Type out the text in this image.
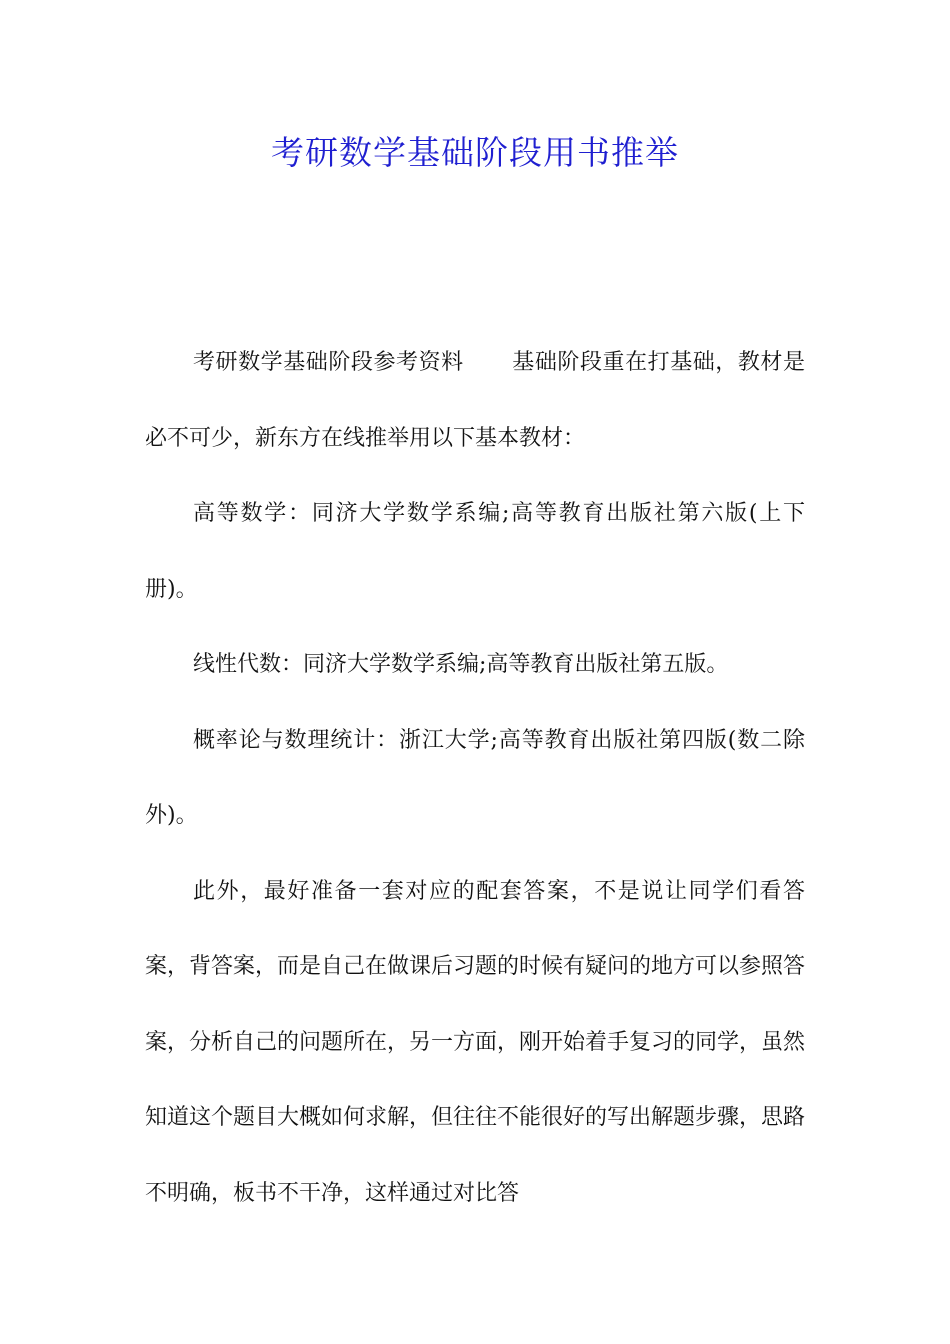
考研数学基础阶段用书推举

考研数学基础阶段参考资料 基础阶段重在打基础，教材是必不可少，新东方在线推举用以下基本教材：

高等数学：同济大学数学系编;高等教育出版社第六版(上下册)。

线性代数：同济大学数学系编;高等教育出版社第五版。

概率论与数理统计：浙江大学;高等教育出版社第四版(数二除外)。

此外，最好准备一套对应的配套答案，不是说让同学们看答案，背答案，而是自己在做课后习题的时候有疑问的地方可以参照答案，分析自己的问题所在，另一方面，刚开始着手复习的同学，虽然知道这个题目大概如何求解，但往往不能很好的写出解题步骤，思路不明确，板书不干净，这样通过对比答
